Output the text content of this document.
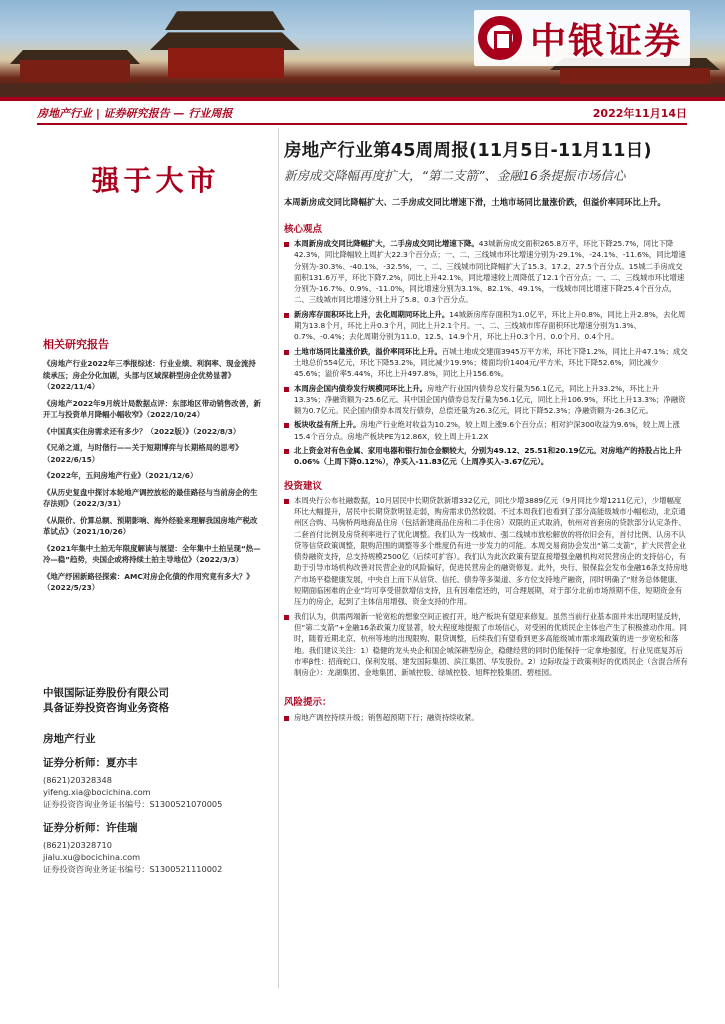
中银证券
房地产行业 | 证券研究报告 — 行业周报	2022年11月14日
强于大市
相关研究报告
《房地产行业2022年三季报综述：行业业绩、利润率、现金流持续承压；房企分化加剧，头部与区域深耕型房企优势显著》（2022/11/4）
《房地产2022年9月统计局数据点评：东部地区带动销售改善，新开工与投资单月降幅小幅收窄》（2022/10/24）
《中国真实住房需求还有多少？（2022版）》（2022/8/3）
《兄弟之道，与时偕行——关于短期博弈与长期格局的思考》（2022/6/15）
《2022年，五问房地产行业》（2021/12/6）
《从历史复盘中探讨本轮地产调控放松的最佳路径与当前房企的生存法则》（2022/3/31）
《从限价、价算总额、预期影响、海外经验来理解我国房地产税改革试点》（2021/10/26）
《2021年集中土拍无年限度解读与展望：全年集中土拍呈现“热—冷—稳”趋势，央国企或将持续土拍主导地位》（2022/3/3）
《地产纾困新路径探索：AMC对房企化债的作用究竟有多大？》（2022/5/23）
中银国际证券股份有限公司
具备证券投资咨询业务资格
房地产行业
证券分析师：夏亦丰
(8621)20328348
yifeng.xia@bocichina.com
证券投资咨询业务证书编号：S1300521070005
证券分析师：许佳瑞
(8621)20328710
jialu.xu@bocichina.com
证券投资咨询业务证书编号：S1300521110002
房地产行业第45周周报(11月5日-11月11日)
新房成交降幅再度扩大，“第二支箭”、金融16条提振市场信心
本周新房成交同比降幅扩大、二手房成交同比增速下滑，土地市场同比量涨价跌，但溢价率同环比上升。
核心观点
本周新房成交同比降幅扩大，二手房成交同比增速下降。43城新房成交面积265.8万平，环比下降25.7%，同比下降42.3%，同比降幅较上周扩大22.3个百分点；一、二、三线城市环比增速分别为-29.1%、-24.1%、-11.6%，同比增速分别为-30.3%、-40.1%、-32.5%，一、二、三线城市同比降幅扩大了15.3、17.2、27.5个百分点。15城二手房成交面积131.6万平，环比下降7.2%，同比上升42.1%，同比增速较上周降低了12.1个百分点；一、二、三线城市环比增速分别为-16.7%、0.9%、-11.0%，同比增速分别为3.1%、82.1%、49.1%，一线城市同比增速下降25.4个百分点，二、三线城市同比增速分别上升了5.8、0.3个百分点。
新房库存面积环比上升，去化周期同环比上升。14城新房库存面积为1.0亿平，环比上升0.8%，同比上升2.8%，去化周期为13.8个月，环比上升0.3个月，同比上升2.1个月。一、二、三线城市库存面积环比增速分别为1.3%、0.7%、-0.4%；去化周期分别为11.0、12.5、14.9个月，环比上升0.3个月、0.0个月、0.4个月。
土地市场同比量涨价跌，溢价率同环比上升。百城土地成交建面3945万平方米，环比下降1.2%，同比上升47.1%；成交土地总价554亿元，环比下降53.2%，同比减少19.9%；楼面均价1404元/平方米，环比下降52.6%，同比减少45.6%；溢价率5.44%，环比上升497.8%，同比上升156.6%。
本周房企国内债券发行规模同环比上升。房地产行业国内债券总发行量为56.1亿元，同比上升33.2%，环比上升13.3%；净融资额为-25.6亿元。其中国企国内债券总发行量为56.1亿元，同比上升106.9%，环比上升13.3%；净融资额为0.7亿元。民企国内债券本周发行债券，总偿还量为26.3亿元，同比下降52.3%；净融资额为-26.3亿元。
板块收益有所上升。房地产行业绝对收益为10.2%，较上周上涨9.6个百分点；相对沪深300收益为9.6%，较上周上涨15.4个百分点。房地产板块PE为12.86X，较上周上升1.2X
北上资金对有色金属、家用电器和银行加仓金额较大，分别为49.12、25.51和20.19亿元。对房地产的持股占比上升0.06%（上周下降0.12%），净买入-11.83亿元（上周净买入-3.67亿元）。
投资建议
本周央行公布社融数据，10月居民中长期贷款新增332亿元，同比少增3889亿元（9月同比少增1211亿元），少增幅度环比大幅提升，居民中长期贷款明显走弱，购房需求仍然较弱。不过本周我们也看到了部分高能级城市小幅松动，北京通州区合购、马驹桥两地商品住房（包括新建商品住房和二手住房）双限的正式取消，杭州对首套房的贷款部分认定条件、二套首付比例及房贷利率进行了优化调整。我们认为一线城市、强二线城市放松解放的将依旧会有，首付比例、认房不认贷等信贷政策调整，限购范围的调整等多个维度仍有进一步发力的可能。本周交易商协会发出“第二支箭”，扩大民营企业债券融资支持，总支持规模2500亿（后续可扩容）。我们认为此次政策有望直接增强金融机构对民营房企的支持信心，有助于引导市场机构改善对民营企业的风险偏好，促进民营房企的融资修复。此外，央行、银保监会发布金融16条支持房地产市场平稳健康发展，中央自上而下从信贷、信托、债券等多渠道、多方位支持地产融资，同时明确了“财务总体健康、短期面临困难的企业”均可享受借款增信支持，且有因难偿还的，可合理展期，对于部分北前市场预期不佳、短期资金有压力的房企，起到了主体信用增强、资金支持的作用。
我们认为，供需两端新一轮宽松的想象空间正被打开，地产板块有望迎来修复。虽然当前行业基本面并未出现明显反转，但“第二支箭”+金融16条政策力度显著，较大程度地提振了市场信心，对受困的优质民企主体也产生了积极推动作用。同时，随着近期北京、杭州等地的出现限购、限贷调整，后续我们有望看到更多高能级城市需求端政策的进一步宽松和落地。我们建议关注：1）稳健的龙头央企和国企城深耕型房企，稳健经营的同时仍能保持一定拿地强度，行业见底复苏后市率β性：招商蛇口、保利发展、建发国际集团、滨江集团、华发股份。2）边际收益于政策利好的优质民企（含混合所有制房企）：龙湖集团、金地集团、新城控股、绿城控股、旭辉控股集团、碧桂园。
风险提示：
房地产调控持续升级；销售超预期下行；融资持续收紧。
